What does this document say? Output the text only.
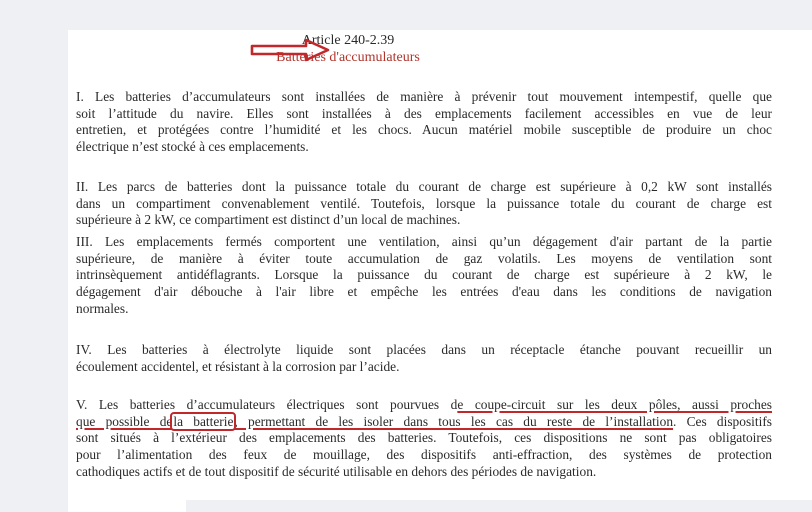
Article 240-2.39
Batteries d'accumulateurs
I. Les batteries d’accumulateurs sont installées de manière à prévenir tout mouvement intempestif, quelle que
soit l’attitude du navire. Elles sont installées à des emplacements facilement accessibles en vue de leur
entretien, et protégées contre l’humidité et les chocs. Aucun matériel mobile susceptible de produire un choc
électrique n’est stocké à ces emplacements.
II. Les parcs de batteries dont la puissance totale du courant de charge est supérieure à 0,2 kW sont installés
dans un compartiment convenablement ventilé. Toutefois, lorsque la puissance totale du courant de charge est
supérieure à 2 kW, ce compartiment est distinct d’un local de machines.
III. Les emplacements fermés comportent une ventilation, ainsi qu’un dégagement d'air partant de la partie
supérieure, de manière à éviter toute accumulation de gaz volatils. Les moyens de ventilation sont
intrinsèquement antidéflagrants. Lorsque la puissance du courant de charge est supérieure à 2 kW, le
dégagement d'air débouche à l'air libre et empêche les entrées d'eau dans les conditions de navigation
normales.
IV. Les batteries à électrolyte liquide sont placées dans un réceptacle étanche pouvant recueillir un
écoulement accidentel, et résistant à la corrosion par l’acide.
V. Les batteries d’accumulateurs électriques sont pourvues de coupe-circuit sur les deux pôles, aussi proches
que possible dela batterie, permettant de les isoler dans tous les cas du reste de l’installation. Ces dispositifs
sont situés à l’extérieur des emplacements des batteries. Toutefois, ces dispositions ne sont pas obligatoires
pour l’alimentation des feux de mouillage, des dispositifs anti-effraction, des systèmes de protection
cathodiques actifs et de tout dispositif de sécurité utilisable en dehors des périodes de navigation.
